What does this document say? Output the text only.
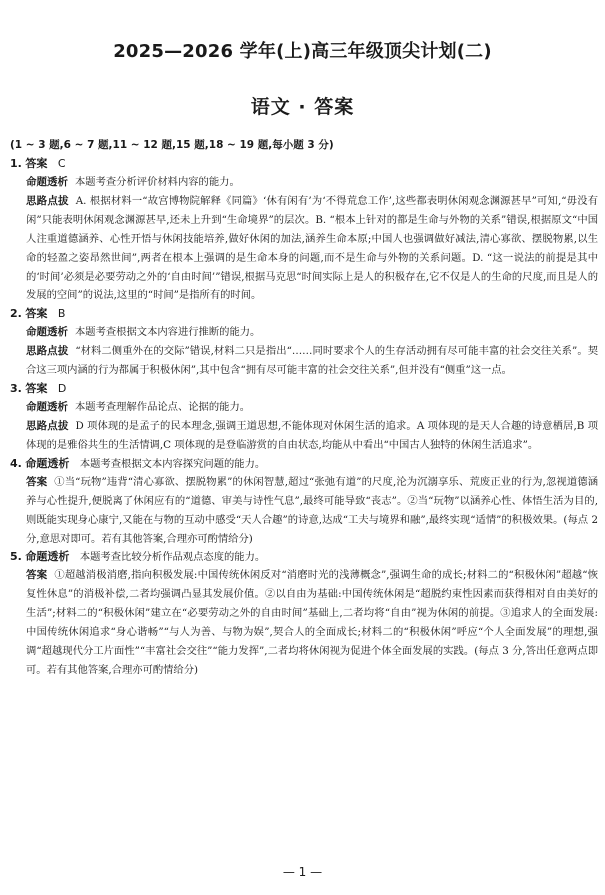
2025—2026 学年(上)高三年级顶尖计划(二)
语文 · 答案
(1 ~ 3 题,6 ~ 7 题,11 ~ 12 题,15 题,18 ~ 19 题,每小题 3 分)
1. 答案 C
命题透析 本题考查分析评价材料内容的能力。
思路点拔 A. 根据材料一“故宫博物院解释《同篇》‘休有闲有’为‘不得荒怠工作’,这些都表明休闲观念渊源甚早”可知,“毋没有闲”只能表明休闲观念渊源甚早,还未上升到“生命境界”的层次。B. “根本上针对的都是生命与外物的关系”错误,根据原文“中国人注重道德涵养、心性开悟与休闲技能培养,做好休闲的加法,涵养生命本原;中国人也强调做好减法,清心寡欲、摆脱物累,以生命的轻盈之姿昂然世间”,两者在根本上强调的是生命本身的问题,而不是生命与外物的关系问题。D. “这一说法的前提是其中的‘时间’必须是必要劳动之外的‘自由时间’”错误,根据马克思“时间实际上是人的积极存在,它不仅是人的生命的尺度,而且是人的发展的空间”的说法,这里的“时间”是指所有的时间。
2. 答案 B
命题透析 本题考查根据文本内容进行推断的能力。
思路点拔 “材料二侧重外在的交际”错误,材料二只是指出“……同时要求个人的生存活动拥有尽可能丰富的社会交往关系”。契合这三项内涵的行为都属于积极休闲”,其中包含“拥有尽可能丰富的社会交往关系”,但并没有“侧重”这一点。
3. 答案 D
命题透析 本题考查理解作品论点、论据的能力。
思路点拔 D 项体现的是孟子的民本理念,强调王道思想,不能体现对休闲生活的追求。A 项体现的是天人合趣的诗意栖居,B 项体现的是雅俗共生的生活情调,C 项体现的是登临游赏的自由状态,均能从中看出“中国古人独特的休闲生活追求”。
4. 命题透析 本题考查根据文本内容探究问题的能力。
答案 ①当“玩物”违背“清心寡欲、摆脱物累”的休闲智慧,超过“张弛有道”的尺度,沦为沉溺享乐、荒废正业的行为,忽视道德涵养与心性提升,便脱离了休闲应有的“道德、审美与诗性气息”,最终可能导致“丧志”。②当“玩物”以涵养心性、体悟生活为目的,则既能实现身心康宁,又能在与物的互动中感受“天人合趣”的诗意,达成“工夫与境界和融”,最终实现“适情”的积极效果。(每点 2 分,意思对即可。若有其他答案,合理亦可酌情给分)
5. 命题透析 本题考查比较分析作品观点态度的能力。
答案 ①超越消极消磨,指向积极发展:中国传统休闲反对“消磨时光的浅薄概念”,强调生命的成长;材料二的“积极休闲”超越“恢复性休息”的消极补偿,二者均强调凸显其发展价值。②以自由为基础:中国传统休闲是“超脱约束性因素而获得相对自由美好的生活”;材料二的“积极休闲”建立在“必要劳动之外的自由时间”基础上,二者均将“自由”视为休闲的前提。③追求人的全面发展:中国传统休闲追求“身心谐畅”“与人为善、与物为娱”,契合人的全面成长;材料二的“积极休闲”呼应“个人全面发展”的理想,强调“超越现代分工片面性”“丰富社会交往”“能力发挥”,二者均将休闲视为促进个体全面发展的实践。(每点 3 分,答出任意两点即可。若有其他答案,合理亦可酌情给分)
— 1 —
